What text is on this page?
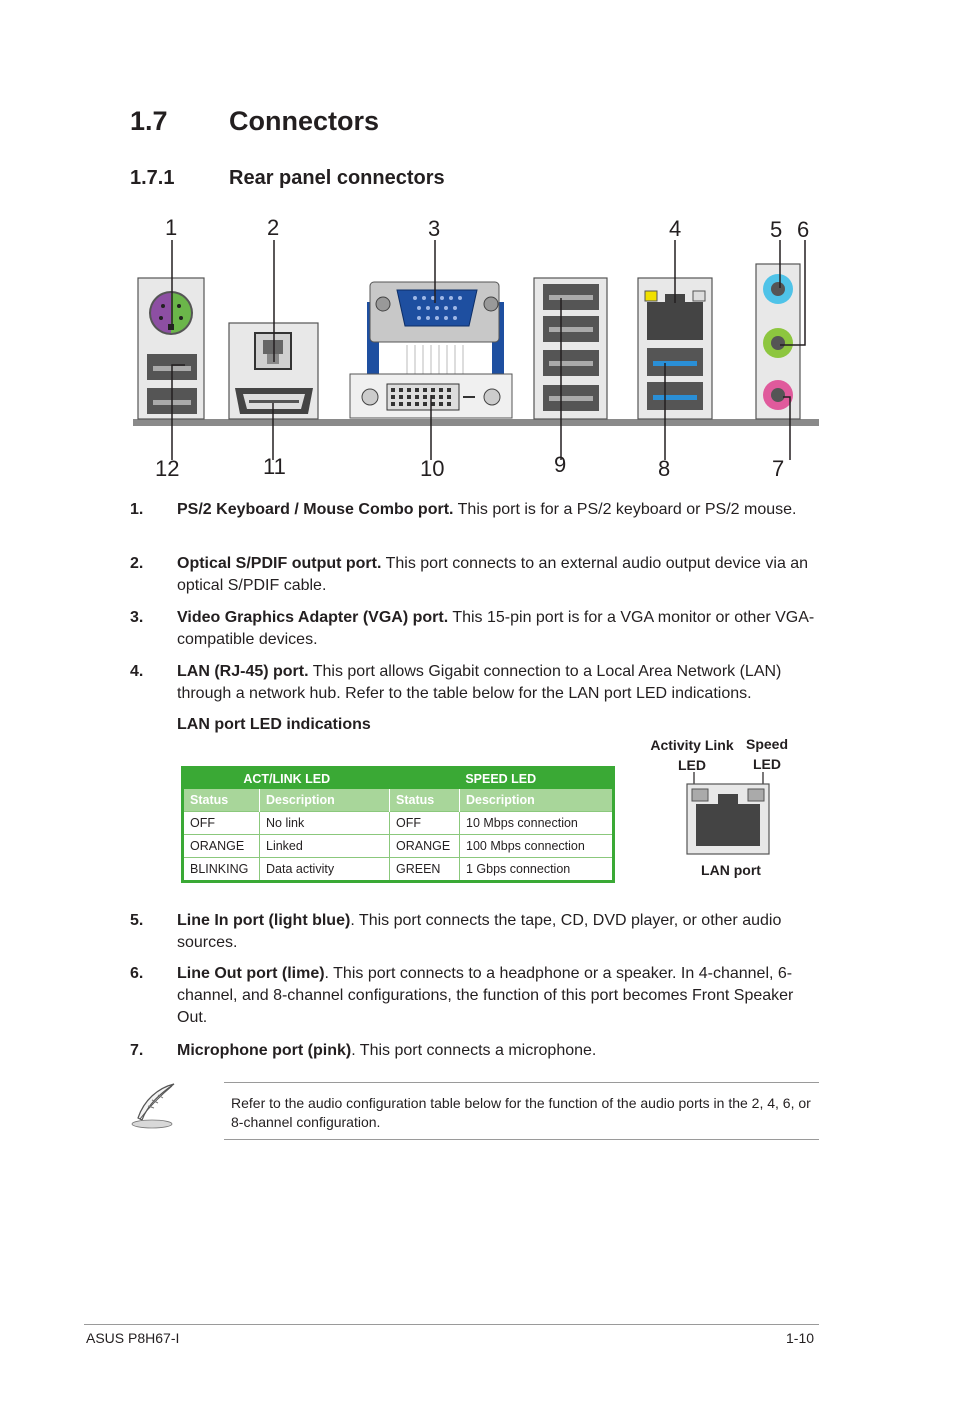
1.7 Connectors
1.7.1	Rear panel connectors
1	2	3	4	5 6
12	11	10	9	8	7
1. PS/2 Keyboard / Mouse Combo port. This port is for a PS/2 keyboard or PS/2 mouse.
2. Optical S/PDIF output port. This port connects to an external audio output device via an optical S/PDIF cable.
3. Video Graphics Adapter (VGA) port. This 15-pin port is for a VGA monitor or other VGA-compatible devices.
4. LAN (RJ-45) port. This port allows Gigabit connection to a Local Area Network (LAN) through a network hub. Refer to the table below for the LAN port LED indications.
LAN port LED indications
ACT/LINK LED		SPEED LED	
Status	Description	Status	Description
OFF	No link	OFF	10 Mbps connection
ORANGE	Linked	ORANGE	100 Mbps connection
BLINKING	Data activity	GREEN	1 Gbps connection
Activity Link
LED
Speed
LED
LAN port
5. Line In port (light blue). This port connects the tape, CD, DVD player, or other audio sources.
6. Line Out port (lime). This port connects to a headphone or a speaker. In 4-channel, 6-channel, and 8-channel configurations, the function of this port becomes Front Speaker Out.
7. Microphone port (pink). This port connects a microphone.
Refer to the audio configuration table below for the function of the audio ports in the 2, 4, 6, or 8-channel configuration.
ASUS P8H67-I	1-10
